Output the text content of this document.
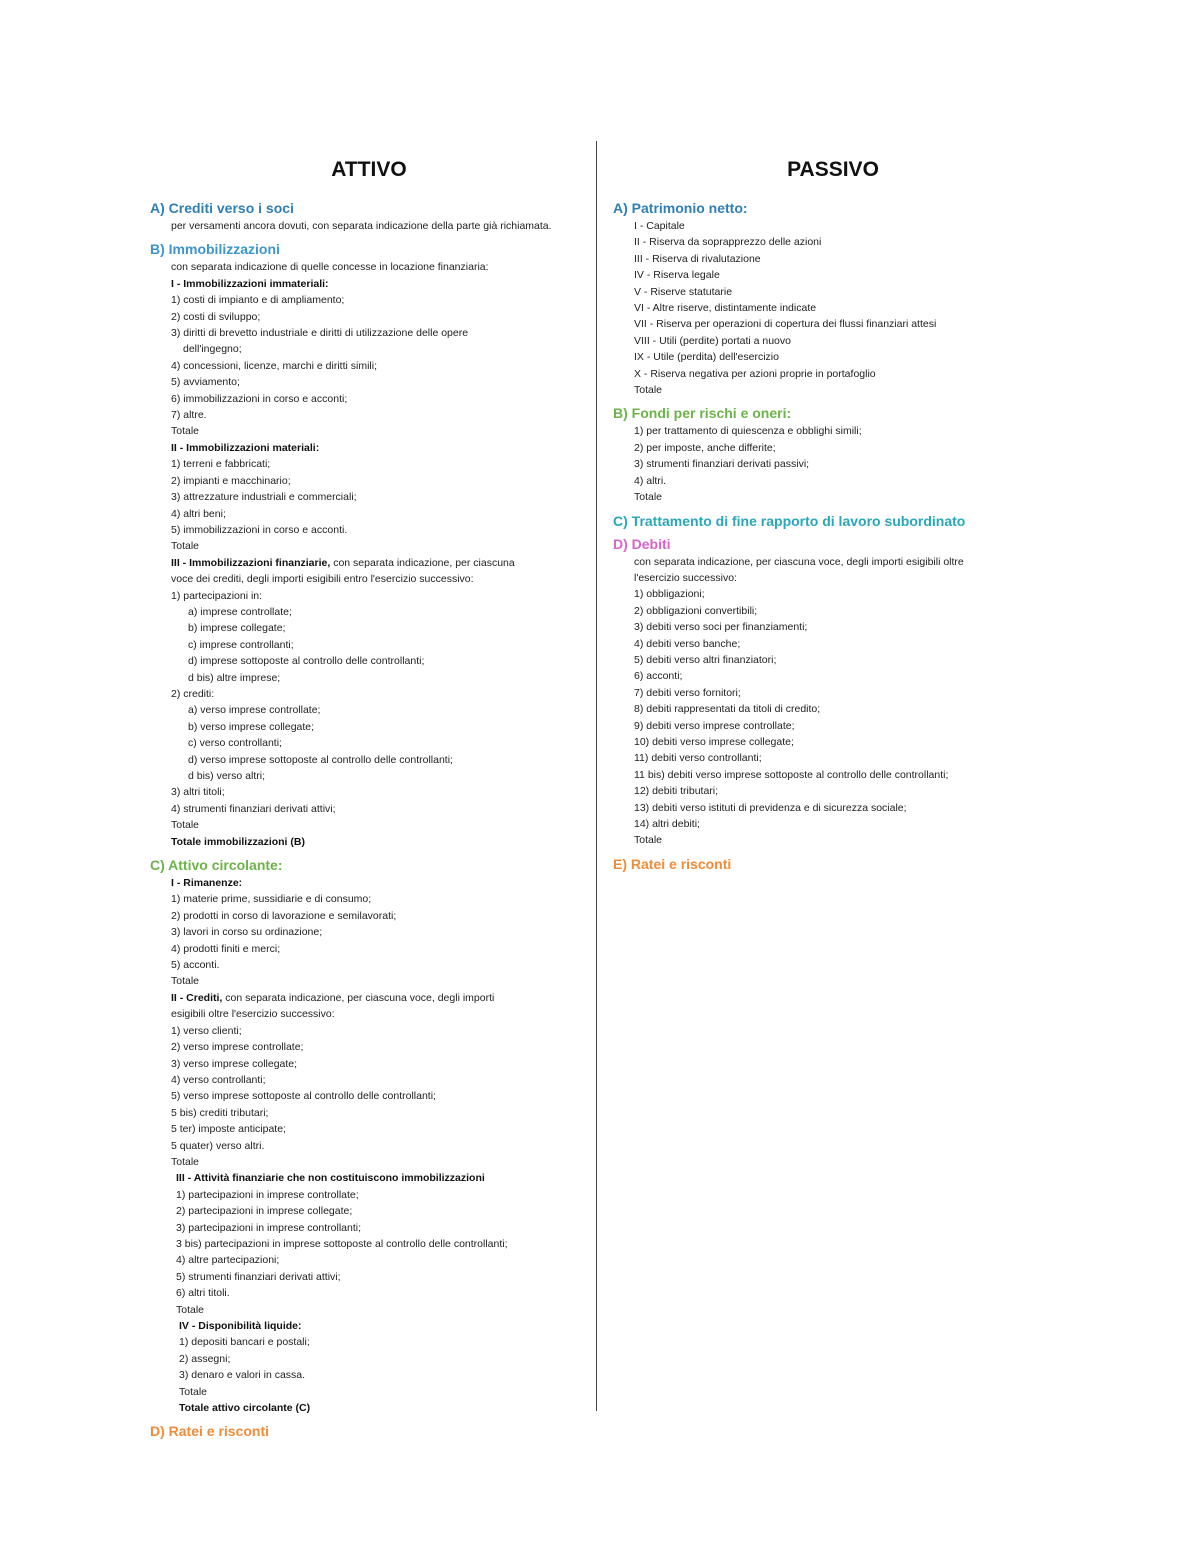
ATTIVO

A) Crediti verso i soci

per versamenti ancora dovuti, con separata indicazione della parte già richiamata.

B) Immobilizzazioni

con separata indicazione di quelle concesse in locazione finanziaria:

I - Immobilizzazioni immateriali:

1) costi di impianto e di ampliamento;

2) costi di sviluppo;

3) diritti di brevetto industriale e diritti di utilizzazione delle opere

dell'ingegno;

4) concessioni, licenze, marchi e diritti simili;

5) avviamento;

6) immobilizzazioni in corso e acconti;

7) altre.

Totale

II - Immobilizzazioni materiali:

1) terreni e fabbricati;

2) impianti e macchinario;

3) attrezzature industriali e commerciali;

4) altri beni;

5) immobilizzazioni in corso e acconti.

Totale

III - Immobilizzazioni finanziarie, con separata indicazione, per ciascuna

voce dei crediti, degli importi esigibili entro l'esercizio successivo:

1) partecipazioni in:

a) imprese controllate;

b) imprese collegate;

c) imprese controllanti;

d) imprese sottoposte al controllo delle controllanti;

d bis) altre imprese;

2) crediti:

a) verso imprese controllate;

b) verso imprese collegate;

c) verso controllanti;

d) verso imprese sottoposte al controllo delle controllanti;

d bis) verso altri;

3) altri titoli;

4) strumenti finanziari derivati attivi;

Totale

Totale immobilizzazioni (B)

C) Attivo circolante:

I - Rimanenze:

1) materie prime, sussidiarie e di consumo;

2) prodotti in corso di lavorazione e semilavorati;

3) lavori in corso su ordinazione;

4) prodotti finiti e merci;

5) acconti.

Totale

II - Crediti, con separata indicazione, per ciascuna voce, degli importi

esigibili oltre l'esercizio successivo:

1) verso clienti;

2) verso imprese controllate;

3) verso imprese collegate;

4) verso controllanti;

5) verso imprese sottoposte al controllo delle controllanti;

5 bis) crediti tributari;

5 ter) imposte anticipate;

5 quater) verso altri.

Totale

III - Attività finanziarie che non costituiscono immobilizzazioni

1) partecipazioni in imprese controllate;

2) partecipazioni in imprese collegate;

3) partecipazioni in imprese controllanti;

3 bis) partecipazioni in imprese sottoposte al controllo delle controllanti;

4) altre partecipazioni;

5) strumenti finanziari derivati attivi;

6) altri titoli.

Totale

IV - Disponibilità liquide:

1) depositi bancari e postali;

2) assegni;

3) denaro e valori in cassa.

Totale

Totale attivo circolante (C)

D) Ratei e risconti

PASSIVO

A) Patrimonio netto:

I - Capitale

II - Riserva da soprapprezzo delle azioni

III - Riserva di rivalutazione

IV - Riserva legale

V - Riserve statutarie

VI - Altre riserve, distintamente indicate

VII - Riserva per operazioni di copertura dei flussi finanziari attesi

VIII - Utili (perdite) portati a nuovo

IX - Utile (perdita) dell'esercizio

X - Riserva negativa per azioni proprie in portafoglio

Totale

B) Fondi per rischi e oneri:

1) per trattamento di quiescenza e obblighi simili;

2) per imposte, anche differite;

3) strumenti finanziari derivati passivi;

4) altri.

Totale

C) Trattamento di fine rapporto di lavoro subordinato

D) Debiti

con separata indicazione, per ciascuna voce, degli importi esigibili oltre

l'esercizio successivo:

1) obbligazioni;

2) obbligazioni convertibili;

3) debiti verso soci per finanziamenti;

4) debiti verso banche;

5) debiti verso altri finanziatori;

6) acconti;

7) debiti verso fornitori;

8) debiti rappresentati da titoli di credito;

9) debiti verso imprese controllate;

10) debiti verso imprese collegate;

11) debiti verso controllanti;

11 bis) debiti verso imprese sottoposte al controllo delle controllanti;

12) debiti tributari;

13) debiti verso istituti di previdenza e di sicurezza sociale;

14) altri debiti;

Totale

E) Ratei e risconti
